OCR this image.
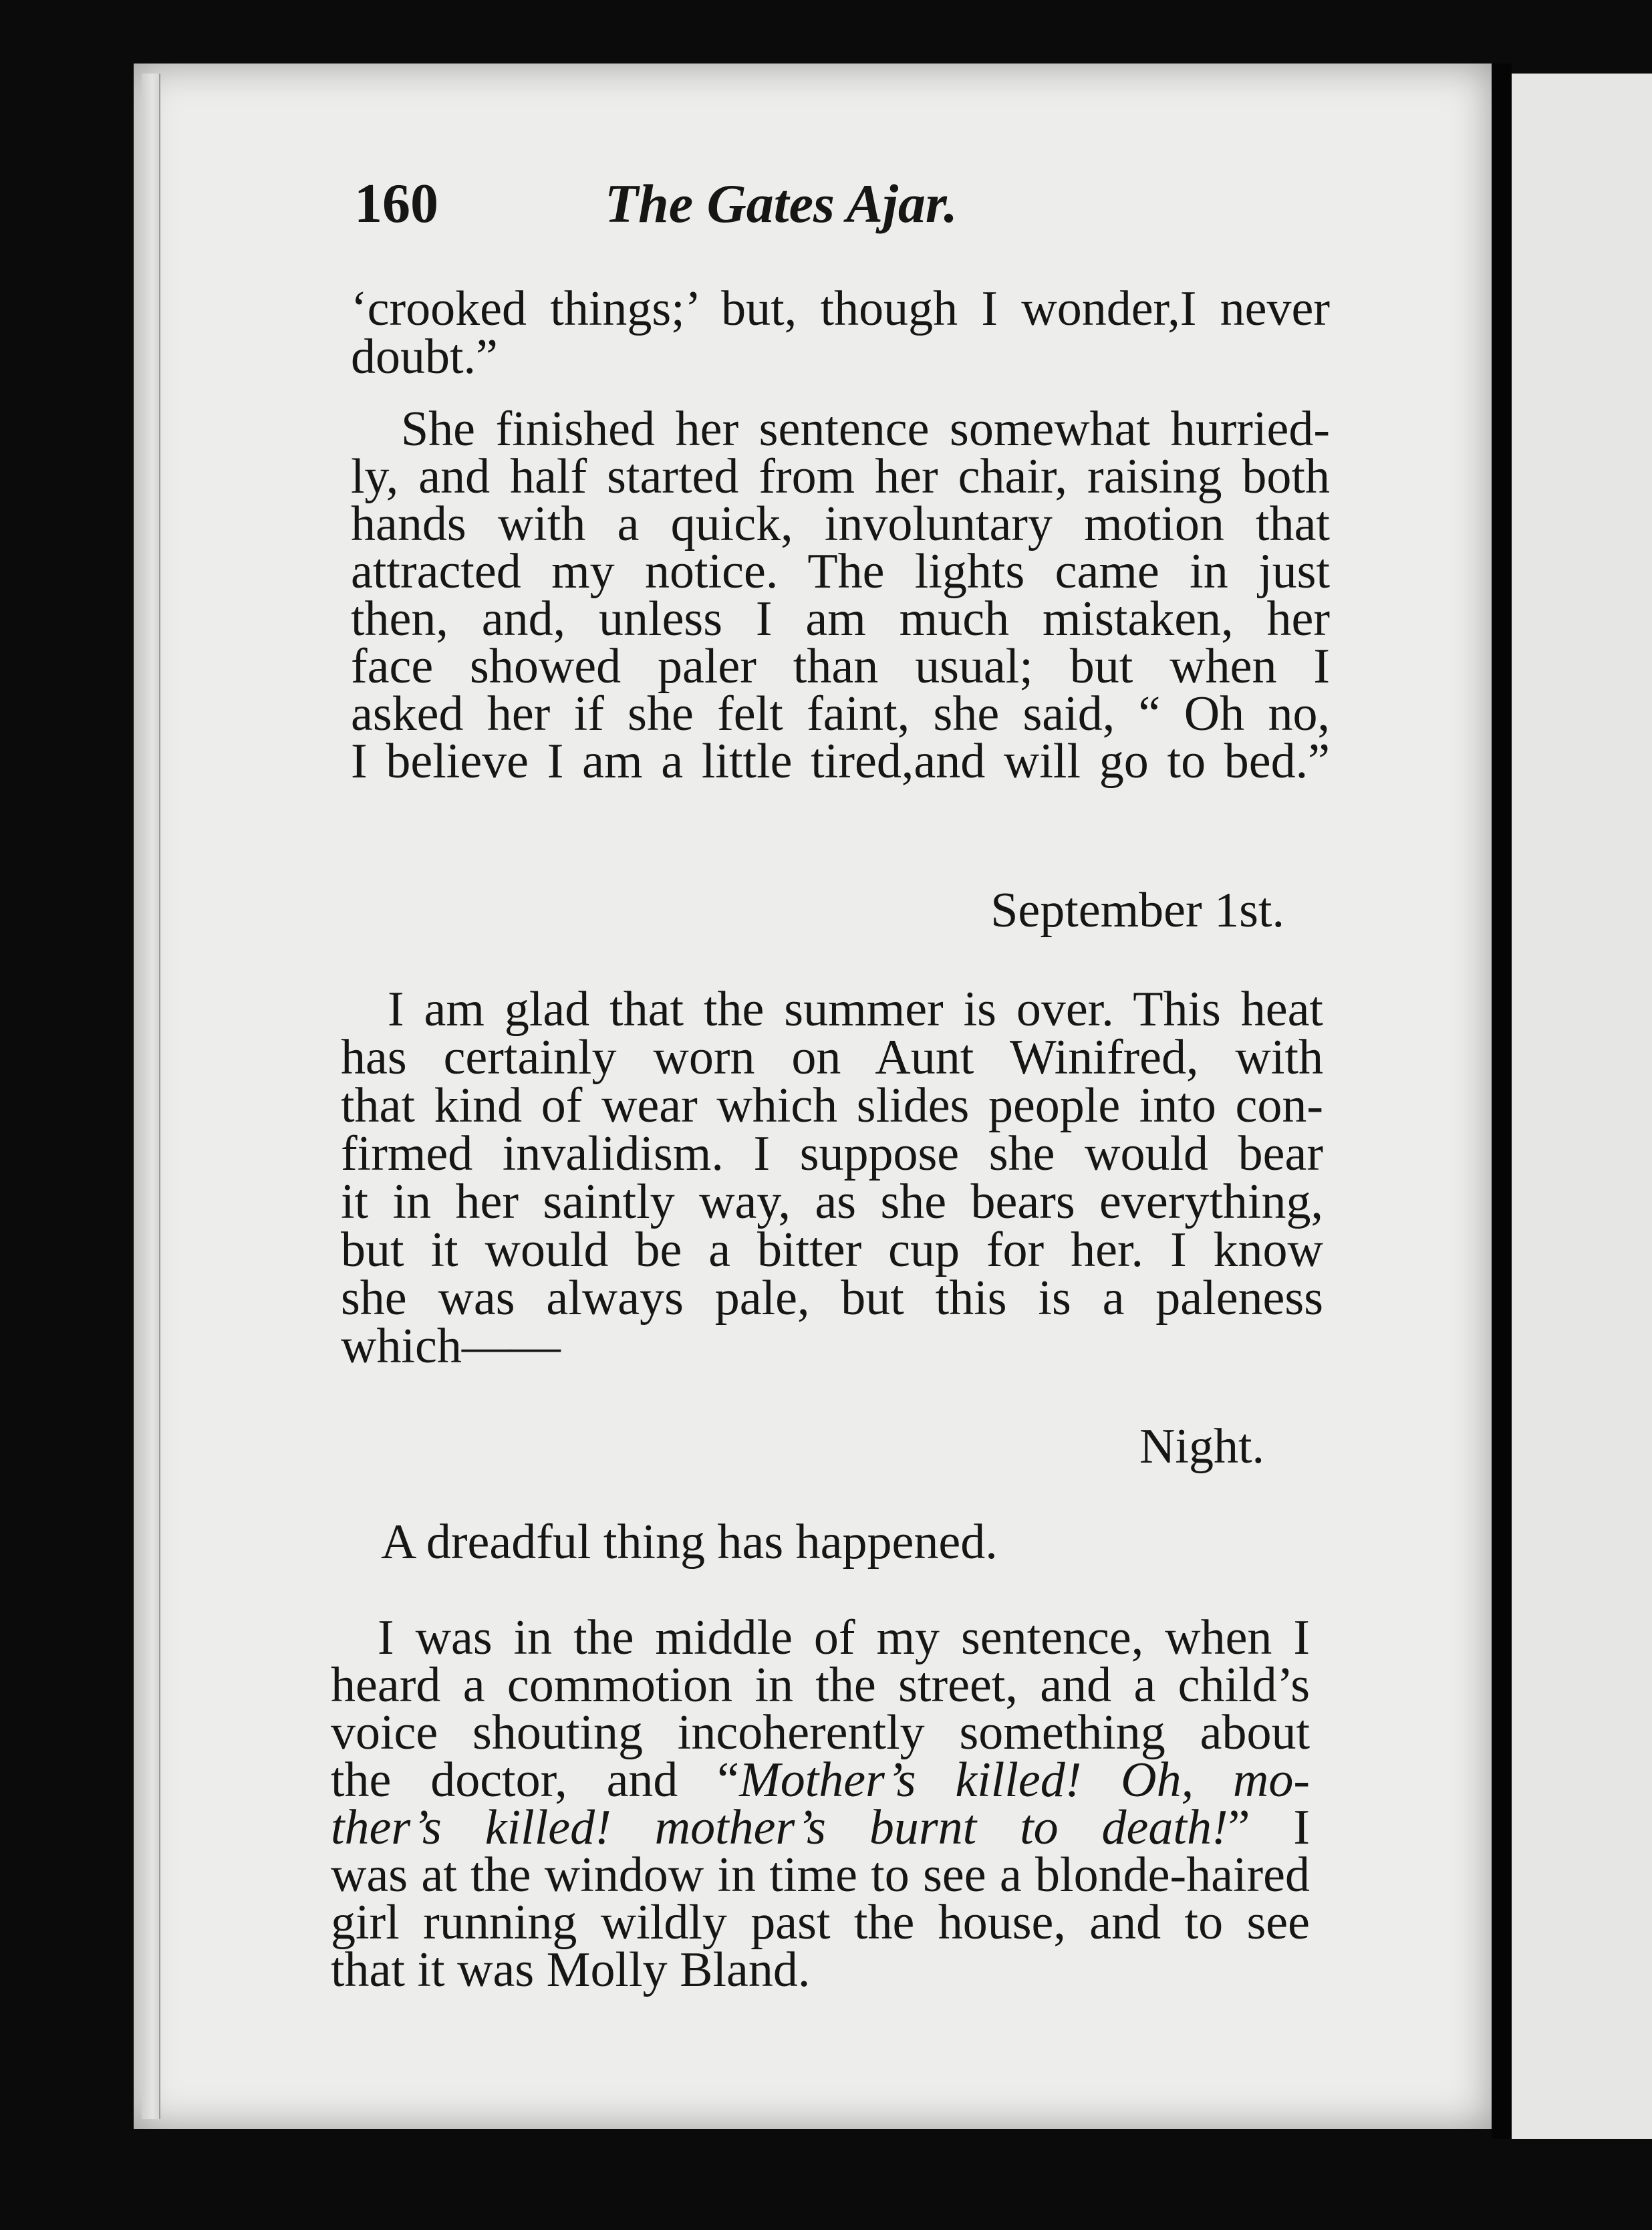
160	The Gates Ajar.

‘crooked things;’ but, though I wonder,I never

doubt.”

She finished her sentence somewhat hurried-

ly, and half started from her chair, raising both

hands with a quick, involuntary motion that

attracted my notice. The lights came in just

then, and, unless I am much mistaken, her

face showed paler than usual; but when I

asked her if she felt faint, she said, “ Oh no,

I believe I am a little tired,and will go to bed.”

September 1st.

I am glad that the summer is over. This heat

has certainly worn on Aunt Winifred, with

that kind of wear which slides people into con-

firmed invalidism. I suppose she would bear

it in her saintly way, as she bears everything,

but it would be a bitter cup for her. I know

she was always pale, but this is a paleness

which——

Night.

A dreadful thing has happened.

I was in the middle of my sentence, when I

heard a commotion in the street, and a child’s

voice shouting incoherently something about

the doctor, and “Mother’s killed! Oh, mo-

ther’s killed! mother’s burnt to death!” I

was at the window in time to see a blonde-haired

girl running wildly past the house, and to see

that it was Molly Bland.
